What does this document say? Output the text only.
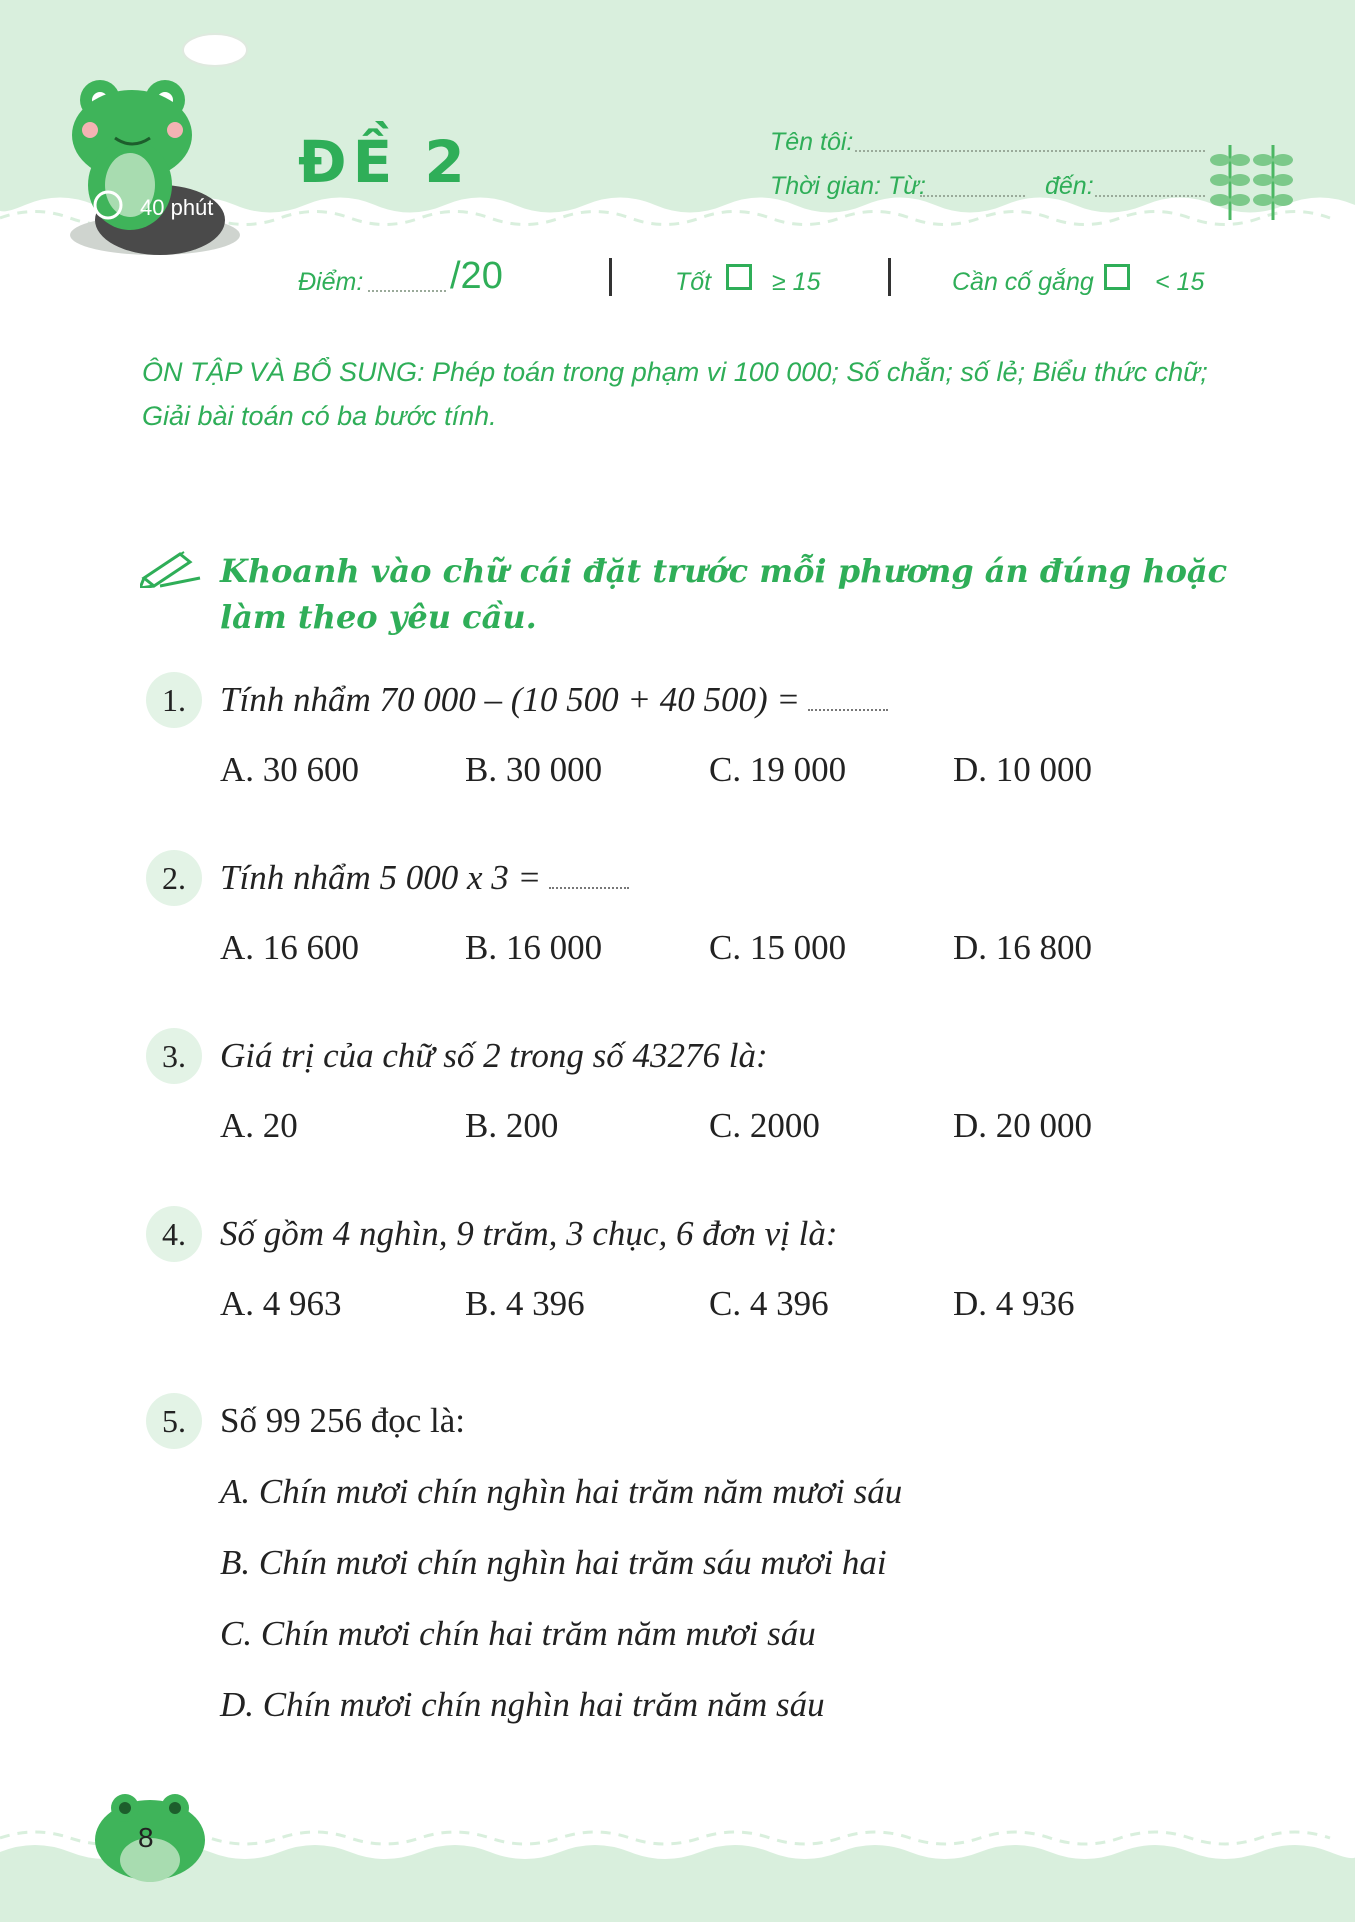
40 phút
ĐỀ 2	Tên tôi:
Thời gian: Từ:	đến:
Điểm: /20	Tốt ≥ 15	Cần cố gắng < 15
ÔN TẬP VÀ BỔ SUNG: Phép toán trong phạm vi 100 000; Số chẵn; số lẻ; Biểu thức chữ; Giải bài toán có ba bước tính.
Khoanh vào chữ cái đặt trước mỗi phương án đúng hoặc làm theo yêu cầu.
1. Tính nhẩm 70 000 – (10 500 + 40 500) =
A. 30 600	B. 30 000	C. 19 000	D. 10 000
2. Tính nhẩm 5 000 x 3 =
A. 16 600	B. 16 000	C. 15 000	D. 16 800
3. Giá trị của chữ số 2 trong số 43276 là:
A. 20	B. 200	C. 2000	D. 20 000
4. Số gồm 4 nghìn, 9 trăm, 3 chục, 6 đơn vị là:
A. 4 963	B. 4 396	C. 4 396	D. 4 936
5. Số 99 256 đọc là:
A. Chín mươi chín nghìn hai trăm năm mươi sáu
B. Chín mươi chín nghìn hai trăm sáu mươi hai
C. Chín mươi chín hai trăm năm mươi sáu
D. Chín mươi chín nghìn hai trăm năm sáu
8
